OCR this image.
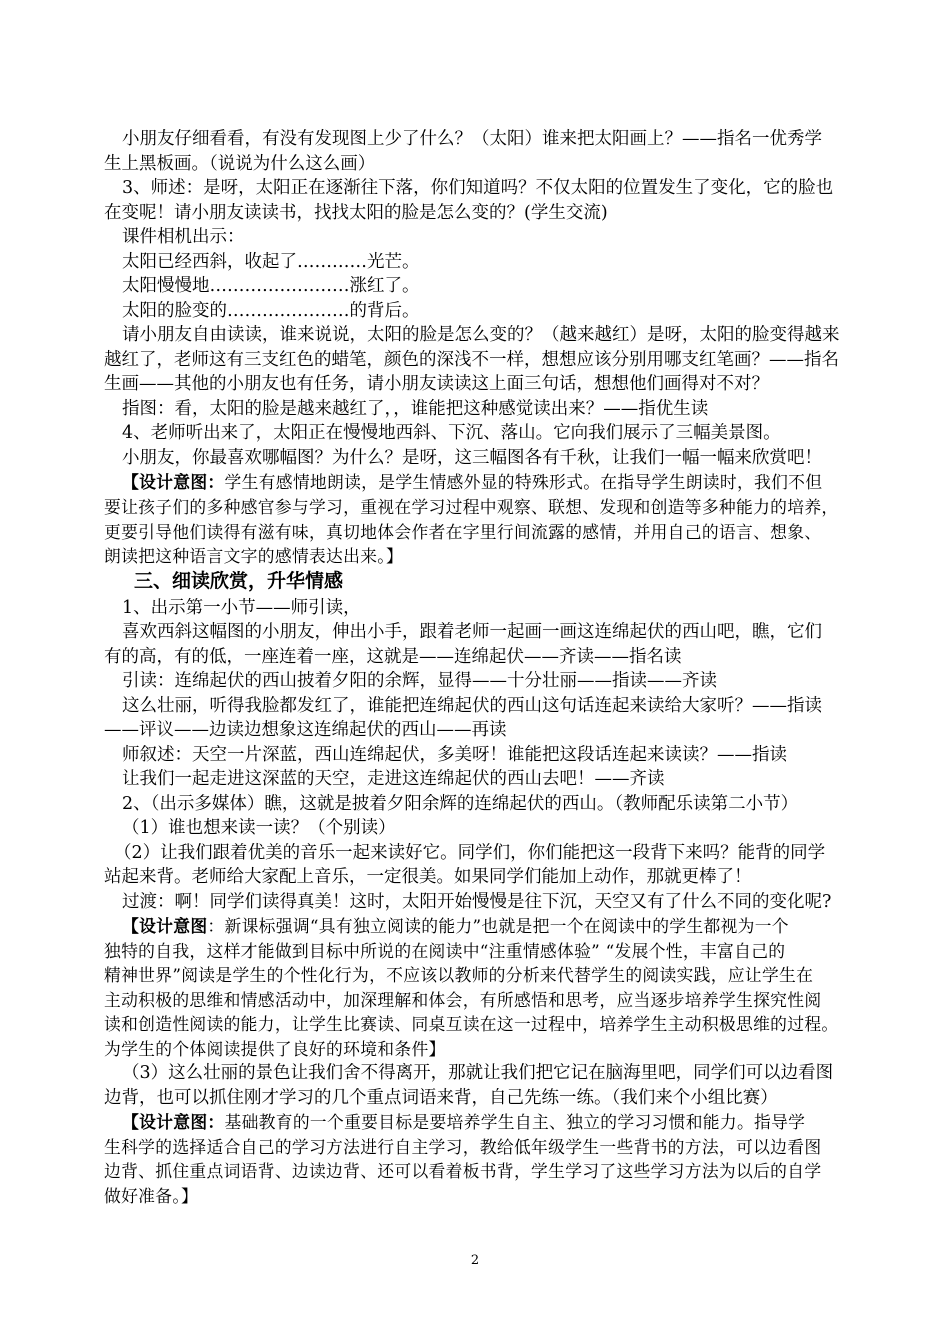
小朋友仔细看看，有没有发现图上少了什么？（太阳）谁来把太阳画上？——指名一优秀学
生上黑板画。（说说为什么这么画）
3、师述：是呀，太阳正在逐渐往下落，你们知道吗？不仅太阳的位置发生了变化，它的脸也
在变呢！请小朋友读读书，找找太阳的脸是怎么变的？(学生交流)
课件相机出示：
太阳已经西斜，收起了…………光芒。
太阳慢慢地……………………涨红了。
太阳的脸变的…………………的背后。
请小朋友自由读读，谁来说说，太阳的脸是怎么变的？（越来越红）是呀，太阳的脸变得越来
越红了，老师这有三支红色的蜡笔，颜色的深浅不一样，想想应该分别用哪支红笔画？——指名
生画——其他的小朋友也有任务，请小朋友读读这上面三句话，想想他们画得对不对？
指图：看，太阳的脸是越来越红了，，谁能把这种感觉读出来？——指优生读
4、老师听出来了，太阳正在慢慢地西斜、下沉、落山。它向我们展示了三幅美景图。
小朋友，你最喜欢哪幅图？为什么？是呀，这三幅图各有千秋，让我们一幅一幅来欣赏吧！
【设计意图：学生有感情地朗读，是学生情感外显的特殊形式。在指导学生朗读时，我们不但
要让孩子们的多种感官参与学习，重视在学习过程中观察、联想、发现和创造等多种能力的培养，
更要引导他们读得有滋有味，真切地体会作者在字里行间流露的感情，并用自己的语言、想象、
朗读把这种语言文字的感情表达出来。】
三、细读欣赏，升华情感
1、出示第一小节——师引读，
喜欢西斜这幅图的小朋友，伸出小手，跟着老师一起画一画这连绵起伏的西山吧，瞧，它们
有的高，有的低，一座连着一座，这就是——连绵起伏——齐读——指名读
引读：连绵起伏的西山披着夕阳的余辉，显得——十分壮丽——指读——齐读
这么壮丽，听得我脸都发红了，谁能把连绵起伏的西山这句话连起来读给大家听？——指读
——评议——边读边想象这连绵起伏的西山——再读
师叙述：天空一片深蓝，西山连绵起伏，多美呀！谁能把这段话连起来读读？——指读
让我们一起走进这深蓝的天空，走进这连绵起伏的西山去吧！——齐读
2、（出示多媒体）瞧，这就是披着夕阳余辉的连绵起伏的西山。（教师配乐读第二小节）
（1）谁也想来读一读？（个别读）
（2）让我们跟着优美的音乐一起来读好它。同学们，你们能把这一段背下来吗？能背的同学
站起来背。老师给大家配上音乐，一定很美。如果同学们能加上动作，那就更棒了！
过渡：啊！同学们读得真美！这时，太阳开始慢慢是往下沉，天空又有了什么不同的变化呢?
【设计意图：新课标强调“具有独立阅读的能力”也就是把一个在阅读中的学生都视为一个
独特的自我，这样才能做到目标中所说的在阅读中“注重情感体验” “发展个性，丰富自己的
精神世界”阅读是学生的个性化行为，不应该以教师的分析来代替学生的阅读实践，应让学生在
主动积极的思维和情感活动中，加深理解和体会，有所感悟和思考，应当逐步培养学生探究性阅
读和创造性阅读的能力，让学生比赛读、同桌互读在这一过程中，培养学生主动积极思维的过程。
为学生的个体阅读提供了良好的环境和条件】
（3）这么壮丽的景色让我们舍不得离开，那就让我们把它记在脑海里吧，同学们可以边看图
边背，也可以抓住刚才学习的几个重点词语来背，自己先练一练。（我们来个小组比赛）
【设计意图：基础教育的一个重要目标是要培养学生自主、独立的学习习惯和能力。指导学
生科学的选择适合自己的学习方法进行自主学习，教给低年级学生一些背书的方法，可以边看图
边背、抓住重点词语背、边读边背、还可以看着板书背，学生学习了这些学习方法为以后的自学
做好准备。】
2
